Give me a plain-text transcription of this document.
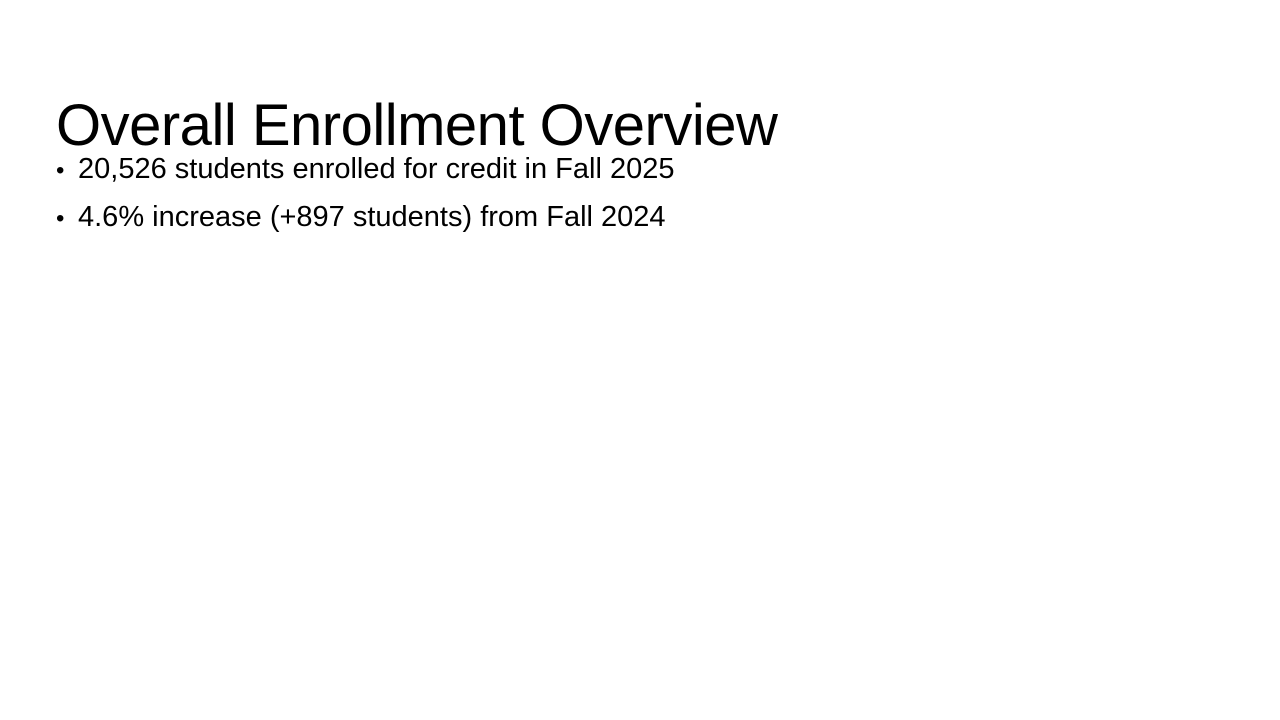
Overall Enrollment Overview
• 20,526 students enrolled for credit in Fall 2025
• 4.6% increase (+897 students) from Fall 2024
